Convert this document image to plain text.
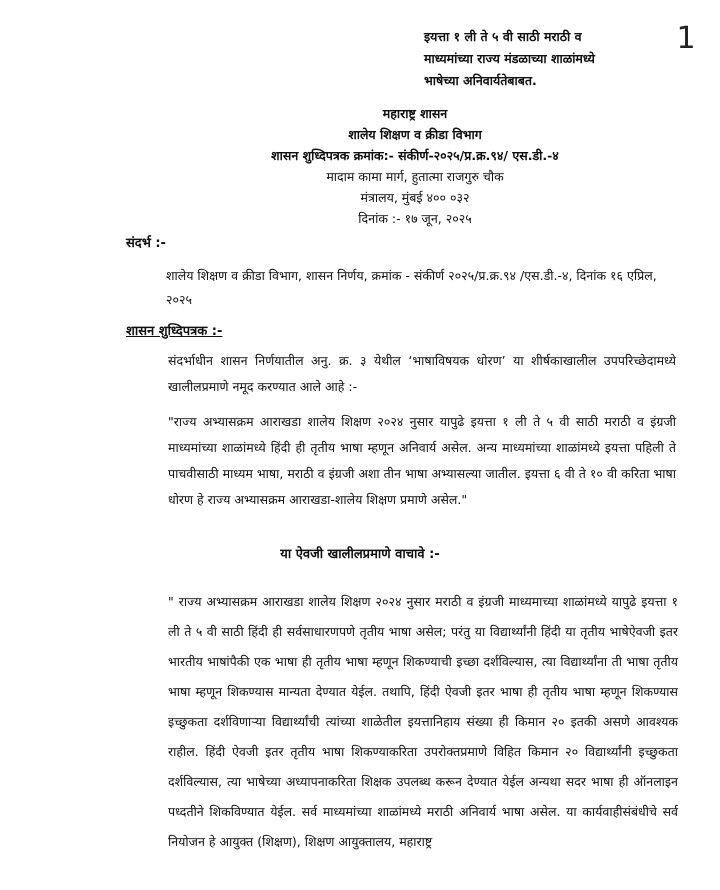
1
इयत्ता १ ली ते ५ वी साठी मराठी व
माध्यमांच्या राज्य मंडळाच्या शाळांमध्ये
भाषेच्या अनिवार्यतेबाबत.
महाराष्ट्र शासन
शालेय शिक्षण व क्रीडा विभाग
शासन शुध्दिपत्रक क्रमांक:- संकीर्ण-२०२५/प्र.क्र.९४/ एस.डी.-४
मादाम कामा मार्ग, हुतात्मा राजगुरु चौक
मंत्रालय, मुंबई ४०० ०३२
दिनांक :- १७ जून, २०२५
संदर्भ :-
शालेय शिक्षण व क्रीडा विभाग, शासन निर्णय, क्रमांक - संकीर्ण २०२५/प्र.क्र.९४ /एस.डी.-४, दिनांक १६ एप्रिल, २०२५
शासन शुध्दिपत्रक :-
संदर्भाधीन शासन निर्णयातील अनु. क्र. ३ येथील ‘भाषाविषयक धोरण’ या शीर्षकाखालील उपपरिच्छेदामध्ये खालीलप्रमाणे नमूद करण्यात आले आहे :-
"राज्य अभ्यासक्रम आराखडा शालेय शिक्षण २०२४ नुसार यापुढे इयत्ता १ ली ते ५ वी साठी मराठी व इंग्रजी माध्यमांच्या शाळांमध्ये हिंदी ही तृतीय भाषा म्हणून अनिवार्य असेल. अन्य माध्यमांच्या शाळांमध्ये इयत्ता पहिली ते पाचवीसाठी माध्यम भाषा, मराठी व इंग्रजी अशा तीन भाषा अभ्यासल्या जातील. इयत्ता ६ वी ते १० वी करिता भाषा धोरण हे राज्य अभ्यासक्रम आराखडा-शालेय शिक्षण प्रमाणे असेल."
या ऐवजी खालीलप्रमाणे वाचावे :-
" राज्य अभ्यासक्रम आराखडा शालेय शिक्षण २०२४ नुसार मराठी व इंग्रजी माध्यमाच्या शाळांमध्ये यापुढे इयत्ता १ ली ते ५ वी साठी हिंदी ही सर्वसाधारणपणे तृतीय भाषा असेल; परंतु या विद्यार्थ्यांनी हिंदी या तृतीय भाषेऐवजी इतर भारतीय भाषांपैकी एक भाषा ही तृतीय भाषा म्हणून शिकण्याची इच्छा दर्शविल्यास, त्या विद्यार्थ्यांना ती भाषा तृतीय भाषा म्हणून शिकण्यास मान्यता देण्यात येईल. तथापि, हिंदी ऐवजी इतर भाषा ही तृतीय भाषा म्हणून शिकण्यास इच्छुकता दर्शविणाऱ्या विद्यार्थ्यांची त्यांच्या शाळेतील इयत्तानिहाय संख्या ही किमान २० इतकी असणे आवश्यक राहील. हिंदी ऐवजी इतर तृतीय भाषा शिकण्याकरिता उपरोक्तप्रमाणे विहित किमान २० विद्यार्थ्यांनी इच्छुकता दर्शविल्यास, त्या भाषेच्या अध्यापनाकरिता शिक्षक उपलब्ध करून देण्यात येईल अन्यथा सदर भाषा ही ऑनलाइन पध्दतीने शिकविण्यात येईल. सर्व माध्यमांच्या शाळांमध्ये मराठी अनिवार्य भाषा असेल. या कार्यवाहीसंबंधीचे सर्व नियोजन हे आयुक्त (शिक्षण), शिक्षण आयुक्तालय, महाराष्ट्र
